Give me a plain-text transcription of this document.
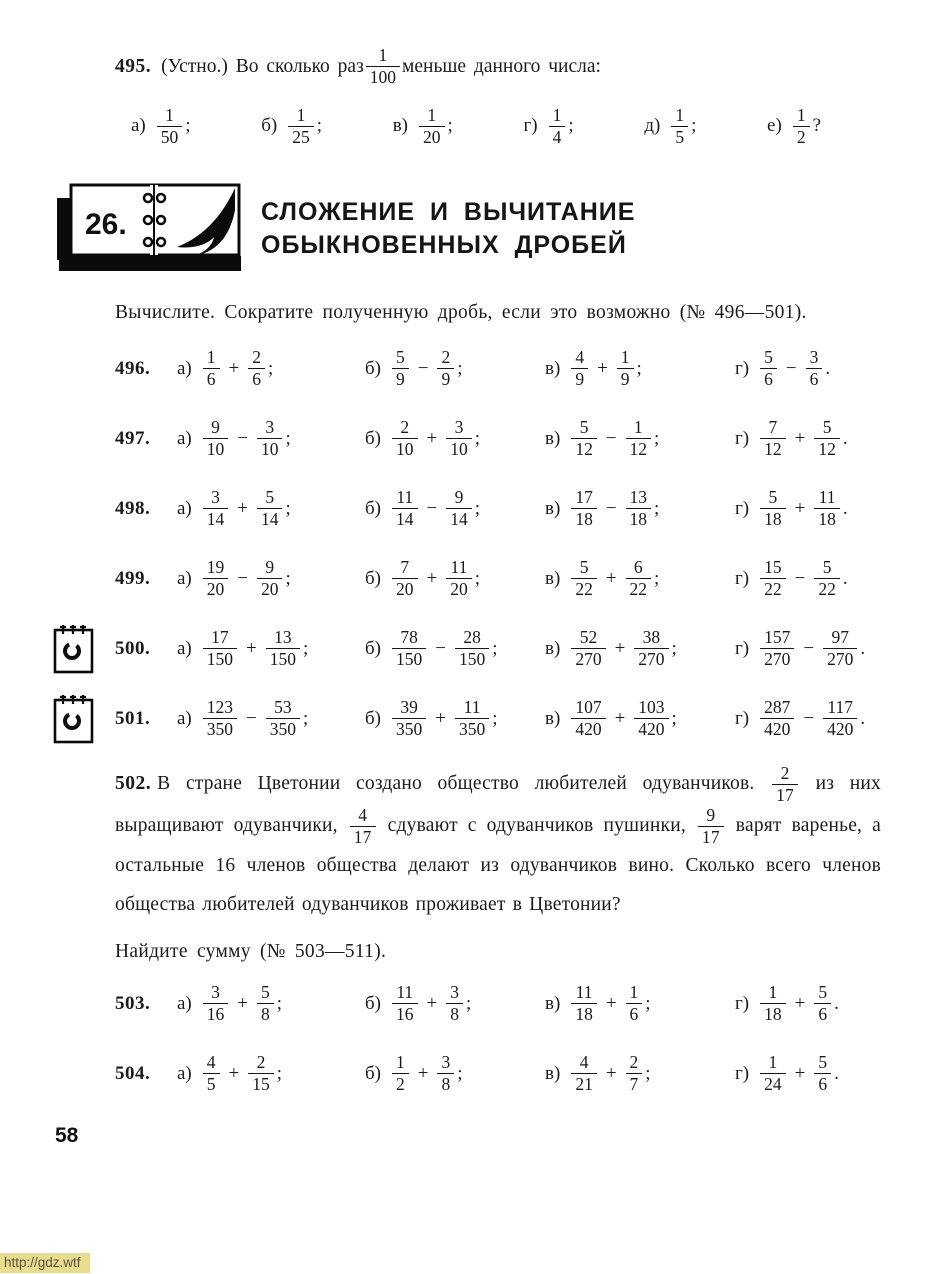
495. (Устно.) Во сколько раз $\frac{1}{100}$ меньше данного числа:
$а) \frac{1}{50}$ ;	$б) \frac{1}{25}$ ;	$в) \frac{1}{20}$ ;	$г) \frac{1}{4}$ ;	$д) \frac{1}{5}$ ;	$е) \frac{1}{2}$ ?
26.	СЛОЖЕНИЕ И ВЫЧИТАНИЕ
ОБЫКНОВЕННЫХ ДРОБЕЙ

Вычислите. Сократите полученную дробь, если это возможно (№ 496—501).

496.	$а) \frac{1}{6} + \frac{2}{6}$ ;	$б) \frac{5}{9} - \frac{2}{9}$ ;	$в) \frac{4}{9} + \frac{1}{9}$ ;	$г) \frac{5}{6} - \frac{3}{6}$ .
497.	$а) \frac{9}{10} - \frac{3}{10}$ ;	$б) \frac{2}{10} + \frac{3}{10}$ ;	$в) \frac{5}{12} - \frac{1}{12}$ ;	$г) \frac{7}{12} + \frac{5}{12}$ .
498.	$а) \frac{3}{14} + \frac{5}{14}$ ;	$б) \frac{11}{14} - \frac{9}{14}$ ;	$в) \frac{17}{18} - \frac{13}{18}$ ;	$г) \frac{5}{18} + \frac{11}{18}$ .
499.	$а) \frac{19}{20} - \frac{9}{20}$ ;	$б) \frac{7}{20} + \frac{11}{20}$ ;	$в) \frac{5}{22} + \frac{6}{22}$ ;	$г) \frac{15}{22} - \frac{5}{22}$ .
500.	$а) \frac{17}{150} + \frac{13}{150}$ ;	$б) \frac{78}{150} - \frac{28}{150}$ ;	$в) \frac{52}{270} + \frac{38}{270}$ ;	$г) \frac{157}{270} - \frac{97}{270}$ .
501.	$а) \frac{123}{350} - \frac{53}{350}$ ;	$б) \frac{39}{350} + \frac{11}{350}$ ;	$в) \frac{107}{420} + \frac{103}{420}$ ;	$г) \frac{287}{420} - \frac{117}{420}$ .

502. В стране Цветонии создано общество любителей одуванчиков. $\frac{2}{17}$ из них выращивают одуванчики, $\frac{4}{17}$ сдувают с одуванчиков пушинки, $\frac{9}{17}$ варят варенье, а остальные 16 членов общества делают из одуванчиков вино. Сколько всего членов общества любителей одуванчиков проживает в Цветонии?

Найдите сумму (№ 503—511).

503.	$а) \frac{3}{16} + \frac{5}{8}$ ;	$б) \frac{11}{16} + \frac{3}{8}$ ;	$в) \frac{11}{18} + \frac{1}{6}$ ;	$г) \frac{1}{18} + \frac{5}{6}$ .
504.	$а) \frac{4}{5} + \frac{2}{15}$ ;	$б) \frac{1}{2} + \frac{3}{8}$ ;	$в) \frac{4}{21} + \frac{2}{7}$ ;	$г) \frac{1}{24} + \frac{5}{6}$ .
58
http://gdz.wtf
